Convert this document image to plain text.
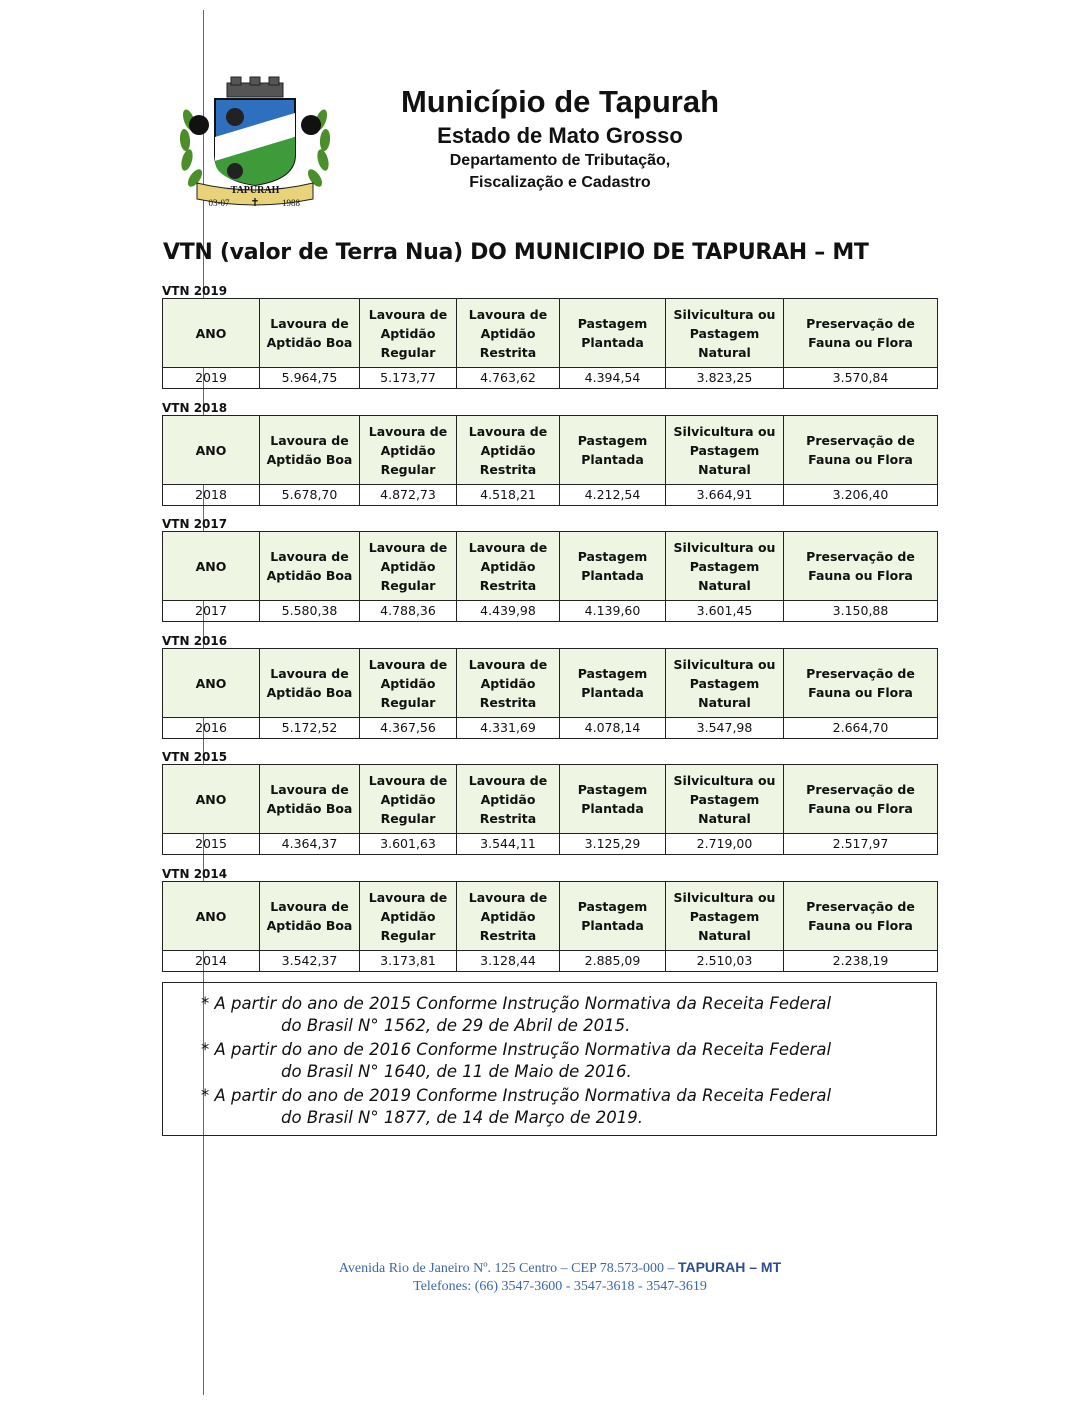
TAPURAH
03-07 ✝ 1988

Município de Tapurah

Estado de Mato Grosso

Departamento de Tributação,

Fiscalização e Cadastro

VTN (valor de Terra Nua) DO MUNICIPIO DE TAPURAH – MT
VTN 2019
ANO	Lavoura de Aptidão Boa	Lavoura de Aptidão Regular	Lavoura de Aptidão Restrita	Pastagem Plantada	Silvicultura ou Pastagem Natural	Preservação de Fauna ou Flora
2019	5.964,75	5.173,77	4.763,62	4.394,54	3.823,25	3.570,84
VTN 2018
ANO	Lavoura de Aptidão Boa	Lavoura de Aptidão Regular	Lavoura de Aptidão Restrita	Pastagem Plantada	Silvicultura ou Pastagem Natural	Preservação de Fauna ou Flora
2018	5.678,70	4.872,73	4.518,21	4.212,54	3.664,91	3.206,40
VTN 2017
ANO	Lavoura de Aptidão Boa	Lavoura de Aptidão Regular	Lavoura de Aptidão Restrita	Pastagem Plantada	Silvicultura ou Pastagem Natural	Preservação de Fauna ou Flora
2017	5.580,38	4.788,36	4.439,98	4.139,60	3.601,45	3.150,88
VTN 2016
ANO	Lavoura de Aptidão Boa	Lavoura de Aptidão Regular	Lavoura de Aptidão Restrita	Pastagem Plantada	Silvicultura ou Pastagem Natural	Preservação de Fauna ou Flora
2016	5.172,52	4.367,56	4.331,69	4.078,14	3.547,98	2.664,70
VTN 2015
ANO	Lavoura de Aptidão Boa	Lavoura de Aptidão Regular	Lavoura de Aptidão Restrita	Pastagem Plantada	Silvicultura ou Pastagem Natural	Preservação de Fauna ou Flora
2015	4.364,37	3.601,63	3.544,11	3.125,29	2.719,00	2.517,97
VTN 2014
ANO	Lavoura de Aptidão Boa	Lavoura de Aptidão Regular	Lavoura de Aptidão Restrita	Pastagem Plantada	Silvicultura ou Pastagem Natural	Preservação de Fauna ou Flora
2014	3.542,37	3.173,81	3.128,44	2.885,09	2.510,03	2.238,19
* A partir do ano de 2015 Conforme Instrução Normativa da Receita Federal
do Brasil N° 1562, de 29 de Abril de 2015.
* A partir do ano de 2016 Conforme Instrução Normativa da Receita Federal
do Brasil N° 1640, de 11 de Maio de 2016.
* A partir do ano de 2019 Conforme Instrução Normativa da Receita Federal
do Brasil N° 1877, de 14 de Março de 2019.
Avenida Rio de Janeiro Nº. 125 Centro – CEP 78.573-000 – TAPURAH – MT
Telefones: (66) 3547-3600 - 3547-3618 - 3547-3619
